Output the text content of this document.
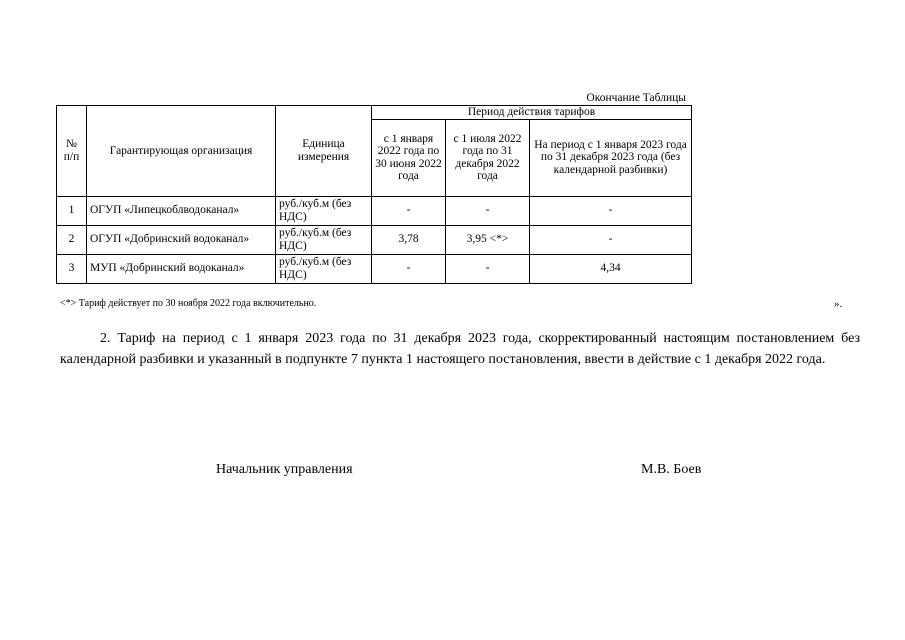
Окончание Таблицы
№ п/п	Гарантирующая организация	Единица измерения	Период действия тарифов		
			с 1 января 2022 года по 30 июня 2022 года	с 1 июля 2022 года по 31 декабря 2022 года	На период с 1 января 2023 года по 31 декабря 2023 года (без календарной разбивки)
1	ОГУП «Липецкоблводоканал»	руб./куб.м (без НДС)	-	-	-
2	ОГУП «Добринский водоканал»	руб./куб.м (без НДС)	3,78	3,95 <*>	-
3	МУП «Добринский водоканал»	руб./куб.м (без НДС)	-	-	4,34
<*> Тариф действует по 30 ноября 2022 года включительно.	».
2. Тариф на период с 1 января 2023 года по 31 декабря 2023 года, скорректированный настоящим постановлением без календарной разбивки и указанный в подпункте 7 пункта 1 настоящего постановления, ввести в действие с 1 декабря 2022 года.
Начальник управления	М.В. Боев
